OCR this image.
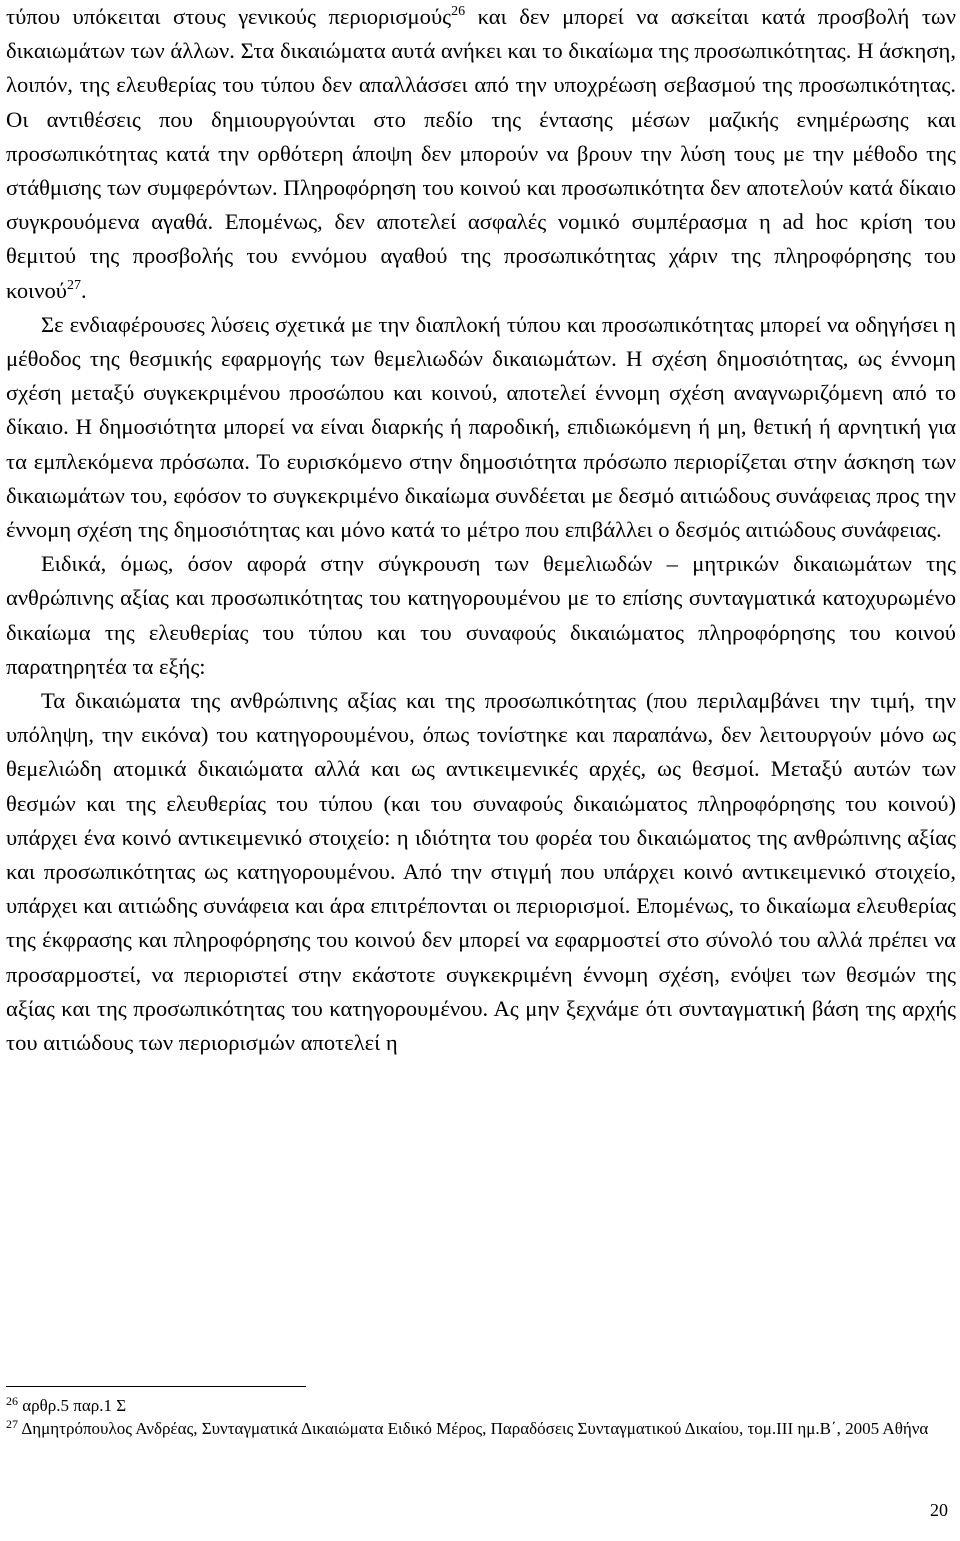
τύπου υπόκειται στους γενικούς περιορισμούς$^{26}$ και δεν μπορεί να ασκείται κατά προσβολή των δικαιωμάτων των άλλων. Στα δικαιώματα αυτά ανήκει και το δικαίωμα της προσωπικότητας. Η άσκηση, λοιπόν, της ελευθερίας του τύπου δεν απαλλάσσει από την υποχρέωση σεβασμού της προσωπικότητας. Οι αντιθέσεις που δημιουργούνται στο πεδίο της έντασης μέσων μαζικής ενημέρωσης και προσωπικότητας κατά την ορθότερη άποψη δεν μπορούν να βρουν την λύση τους με την μέθοδο της στάθμισης των συμφερόντων. Πληροφόρηση του κοινού και προσωπικότητα δεν αποτελούν κατά δίκαιο συγκρουόμενα αγαθά. Επομένως, δεν αποτελεί ασφαλές νομικό συμπέρασμα η ad hoc κρίση του θεμιτού της προσβολής του εννόμου αγαθού της προσωπικότητας χάριν της πληροφόρησης του κοινού$^{27}$.

Σε ενδιαφέρουσες λύσεις σχετικά με την διαπλοκή τύπου και προσωπικότητας μπορεί να οδηγήσει η μέθοδος της θεσμικής εφαρμογής των θεμελιωδών δικαιωμάτων. Η σχέση δημοσιότητας, ως έννομη σχέση μεταξύ συγκεκριμένου προσώπου και κοινού, αποτελεί έννομη σχέση αναγνωριζόμενη από το δίκαιο. Η δημοσιότητα μπορεί να είναι διαρκής ή παροδική, επιδιωκόμενη ή μη, θετική ή αρνητική για τα εμπλεκόμενα πρόσωπα. Το ευρισκόμενο στην δημοσιότητα πρόσωπο περιορίζεται στην άσκηση των δικαιωμάτων του, εφόσον το συγκεκριμένο δικαίωμα συνδέεται με δεσμό αιτιώδους συνάφειας προς την έννομη σχέση της δημοσιότητας και μόνο κατά το μέτρο που επιβάλλει ο δεσμός αιτιώδους συνάφειας.

Ειδικά, όμως, όσον αφορά στην σύγκρουση των θεμελιωδών – μητρικών δικαιωμάτων της ανθρώπινης αξίας και προσωπικότητας του κατηγορουμένου με το επίσης συνταγματικά κατοχυρωμένο δικαίωμα της ελευθερίας του τύπου και του συναφούς δικαιώματος πληροφόρησης του κοινού παρατηρητέα τα εξής:

Τα δικαιώματα της ανθρώπινης αξίας και της προσωπικότητας (που περιλαμβάνει την τιμή, την υπόληψη, την εικόνα) του κατηγορουμένου, όπως τονίστηκε και παραπάνω, δεν λειτουργούν μόνο ως θεμελιώδη ατομικά δικαιώματα αλλά και ως αντικειμενικές αρχές, ως θεσμοί. Μεταξύ αυτών των θεσμών και της ελευθερίας του τύπου (και του συναφούς δικαιώματος πληροφόρησης του κοινού) υπάρχει ένα κοινό αντικειμενικό στοιχείο: η ιδιότητα του φορέα του δικαιώματος της ανθρώπινης αξίας και προσωπικότητας ως κατηγορουμένου. Από την στιγμή που υπάρχει κοινό αντικειμενικό στοιχείο, υπάρχει και αιτιώδης συνάφεια και άρα επιτρέπονται οι περιορισμοί. Επομένως, το δικαίωμα ελευθερίας της έκφρασης και πληροφόρησης του κοινού δεν μπορεί να εφαρμοστεί στο σύνολό του αλλά πρέπει να προσαρμοστεί, να περιοριστεί στην εκάστοτε συγκεκριμένη έννομη σχέση, ενόψει των θεσμών της αξίας και της προσωπικότητας του κατηγορουμένου. Ας μην ξεχνάμε ότι συνταγματική βάση της αρχής του αιτιώδους των περιορισμών αποτελεί η

$^{26}$ αρθρ.5 παρ.1 Σ

$^{27}$ Δημητρόπουλος Ανδρέας, Συνταγματικά Δικαιώματα Ειδικό Μέρος, Παραδόσεις Συνταγματικού Δικαίου, τομ.ΙΙΙ ημ.Β΄, 2005 Αθήνα

20
